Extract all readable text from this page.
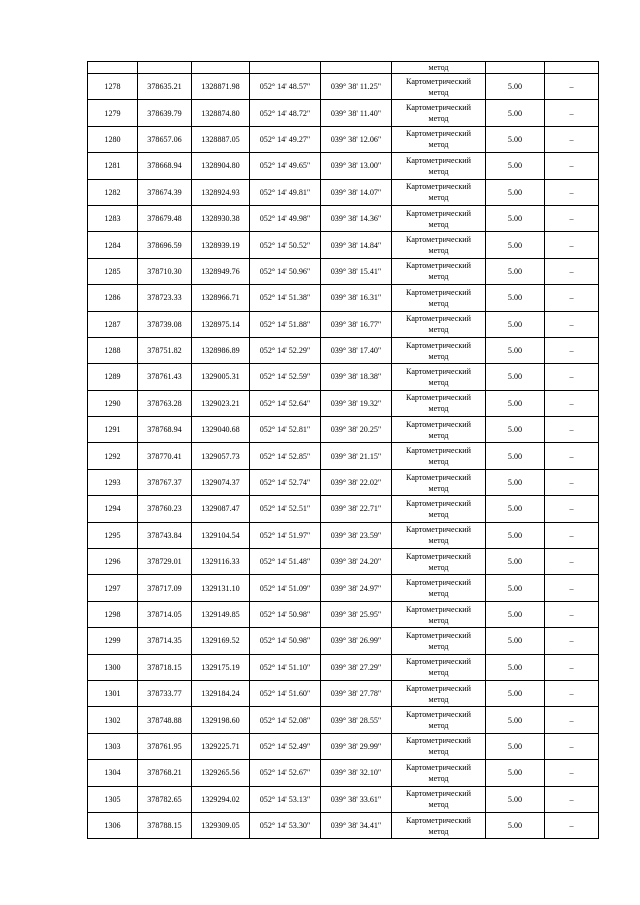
					метод		
1278	378635.21	1328871.98	052° 14' 48.57"	039° 38' 11.25"	Картометрический
метод	5.00	–
1279	378639.79	1328874.80	052° 14' 48.72"	039° 38' 11.40"	Картометрический
метод	5.00	–
1280	378657.06	1328887.05	052° 14' 49.27"	039° 38' 12.06"	Картометрический
метод	5.00	–
1281	378668.94	1328904.80	052° 14' 49.65"	039° 38' 13.00"	Картометрический
метод	5.00	–
1282	378674.39	1328924.93	052° 14' 49.81"	039° 38' 14.07"	Картометрический
метод	5.00	–
1283	378679.48	1328930.38	052° 14' 49.98"	039° 38' 14.36"	Картометрический
метод	5.00	–
1284	378696.59	1328939.19	052° 14' 50.52"	039° 38' 14.84"	Картометрический
метод	5.00	–
1285	378710.30	1328949.76	052° 14' 50.96"	039° 38' 15.41"	Картометрический
метод	5.00	–
1286	378723.33	1328966.71	052° 14' 51.38"	039° 38' 16.31"	Картометрический
метод	5.00	–
1287	378739.08	1328975.14	052° 14' 51.88"	039° 38' 16.77"	Картометрический
метод	5.00	–
1288	378751.82	1328986.89	052° 14' 52.29"	039° 38' 17.40"	Картометрический
метод	5.00	–
1289	378761.43	1329005.31	052° 14' 52.59"	039° 38' 18.38"	Картометрический
метод	5.00	–
1290	378763.28	1329023.21	052° 14' 52.64"	039° 38' 19.32"	Картометрический
метод	5.00	–
1291	378768.94	1329040.68	052° 14' 52.81"	039° 38' 20.25"	Картометрический
метод	5.00	–
1292	378770.41	1329057.73	052° 14' 52.85"	039° 38' 21.15"	Картометрический
метод	5.00	–
1293	378767.37	1329074.37	052° 14' 52.74"	039° 38' 22.02"	Картометрический
метод	5.00	–
1294	378760.23	1329087.47	052° 14' 52.51"	039° 38' 22.71"	Картометрический
метод	5.00	–
1295	378743.84	1329104.54	052° 14' 51.97"	039° 38' 23.59"	Картометрический
метод	5.00	–
1296	378729.01	1329116.33	052° 14' 51.48"	039° 38' 24.20"	Картометрический
метод	5.00	–
1297	378717.09	1329131.10	052° 14' 51.09"	039° 38' 24.97"	Картометрический
метод	5.00	–
1298	378714.05	1329149.85	052° 14' 50.98"	039° 38' 25.95"	Картометрический
метод	5.00	–
1299	378714.35	1329169.52	052° 14' 50.98"	039° 38' 26.99"	Картометрический
метод	5.00	–
1300	378718.15	1329175.19	052° 14' 51.10"	039° 38' 27.29"	Картометрический
метод	5.00	–
1301	378733.77	1329184.24	052° 14' 51.60"	039° 38' 27.78"	Картометрический
метод	5.00	–
1302	378748.88	1329198.60	052° 14' 52.08"	039° 38' 28.55"	Картометрический
метод	5.00	–
1303	378761.95	1329225.71	052° 14' 52.49"	039° 38' 29.99"	Картометрический
метод	5.00	–
1304	378768.21	1329265.56	052° 14' 52.67"	039° 38' 32.10"	Картометрический
метод	5.00	–
1305	378782.65	1329294.02	052° 14' 53.13"	039° 38' 33.61"	Картометрический
метод	5.00	–
1306	378788.15	1329309.05	052° 14' 53.30"	039° 38' 34.41"	Картометрический
метод	5.00	–
